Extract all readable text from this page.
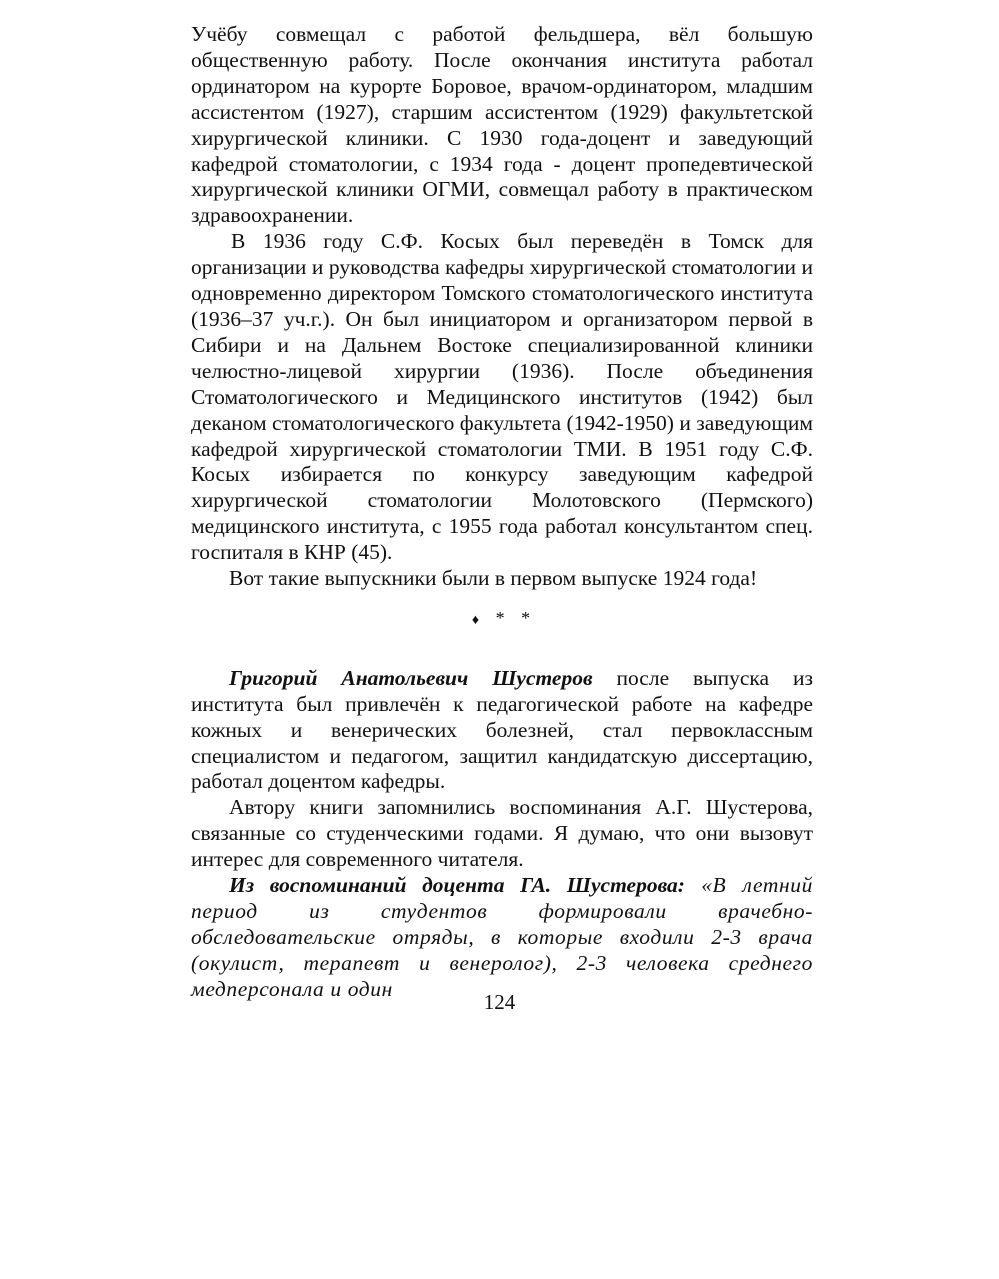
Учёбу совмещал с работой фельдшера, вёл большую общественную работу. После окончания института работал ординатором на курорте Боровое, врачом-ординатором, младшим ассистентом (1927), старшим ассистентом (1929) факультетской хирургической клиники. С 1930 года-доцент и заведующий кафедрой стоматологии, с 1934 года - доцент пропедевтической хирургической клиники ОГМИ, совмещал работу в практическом здравоохранении.

В 1936 году С.Ф. Косых был переведён в Томск для организации и руководства кафедры хирургической стоматологии и одновременно директором Томского стоматологического института (1936–37 уч.г.). Он был инициатором и организатором первой в Сибири и на Дальнем Востоке специализированной клиники челюстно-лицевой хирургии (1936). После объединения Стоматологического и Медицинского институтов (1942) был деканом стоматологического факультета (1942-1950) и заведующим кафедрой хирургической стоматологии ТМИ. В 1951 году С.Ф. Косых избирается по конкурсу заведующим кафедрой хирургической стоматологии Молотовского (Пермского) медицинского института, с 1955 года работал консультантом спец. госпиталя в КНР (45).

Вот такие выпускники были в первом выпуске 1924 года!

♦ * *

Григорий Анатольевич Шустеров после выпуска из института был привлечён к педагогической работе на кафедре кожных и венерических болезней, стал первоклассным специалистом и педагогом, защитил кандидатскую диссертацию, работал доцентом кафедры.

Автору книги запомнились воспоминания А.Г. Шустерова, связанные со студенческими годами. Я думаю, что они вызовут интерес для современного читателя.

Из воспоминаний доцента ГА. Шустерова: «В летний период из студентов формировали врачебно-обследовательские отряды, в которые входили 2-3 врача (окулист, терапевт и венеролог), 2-3 человека среднего медперсонала и один

124
